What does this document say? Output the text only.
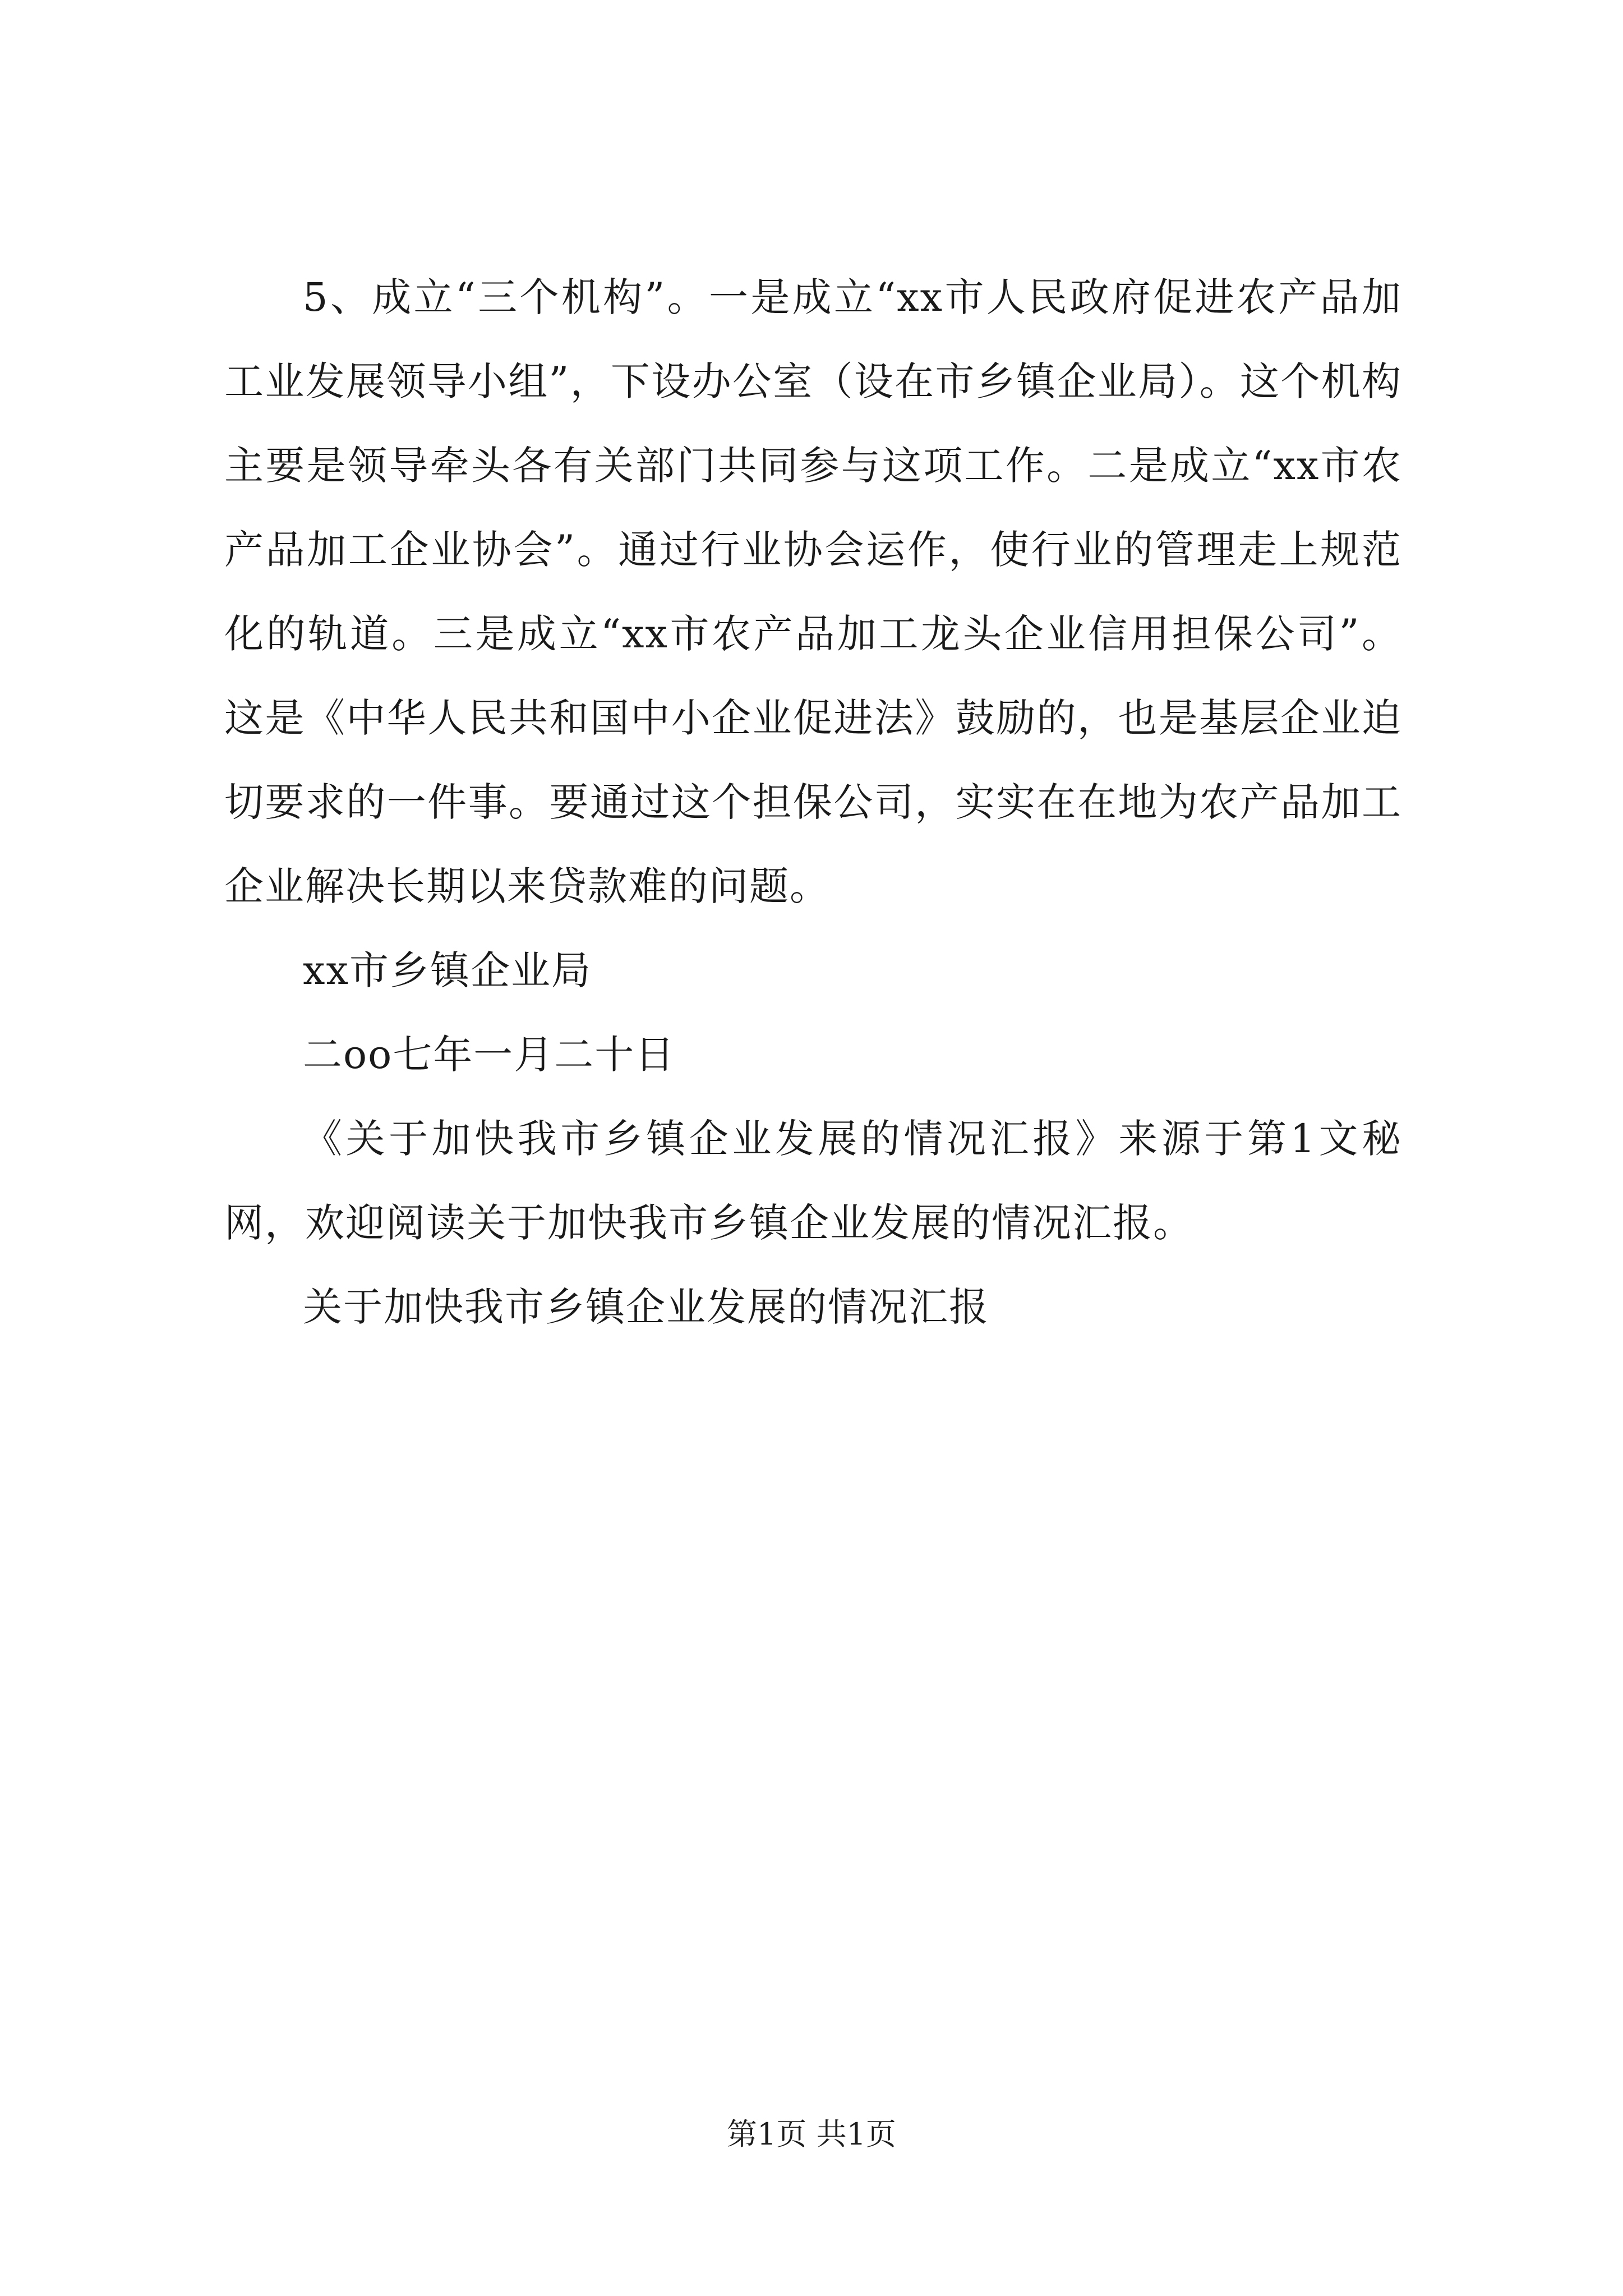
5、成立“三个机构”。一是成立“xx市人民政府促进农产品加工业发展领导小组”，下设办公室（设在市乡镇企业局）。这个机构主要是领导牵头各有关部门共同参与这项工作。二是成立“xx市农产品加工企业协会”。通过行业协会运作，使行业的管理走上规范化的轨道。三是成立“xx市农产品加工龙头企业信用担保公司”。这是《中华人民共和国中小企业促进法》鼓励的，也是基层企业迫切要求的一件事。要通过这个担保公司，实实在在地为农产品加工企业解决长期以来贷款难的问题。

xx市乡镇企业局

二oo七年一月二十日

《关于加快我市乡镇企业发展的情况汇报》来源于第1文秘网，欢迎阅读关于加快我市乡镇企业发展的情况汇报。

关于加快我市乡镇企业发展的情况汇报

第1页 共1页
